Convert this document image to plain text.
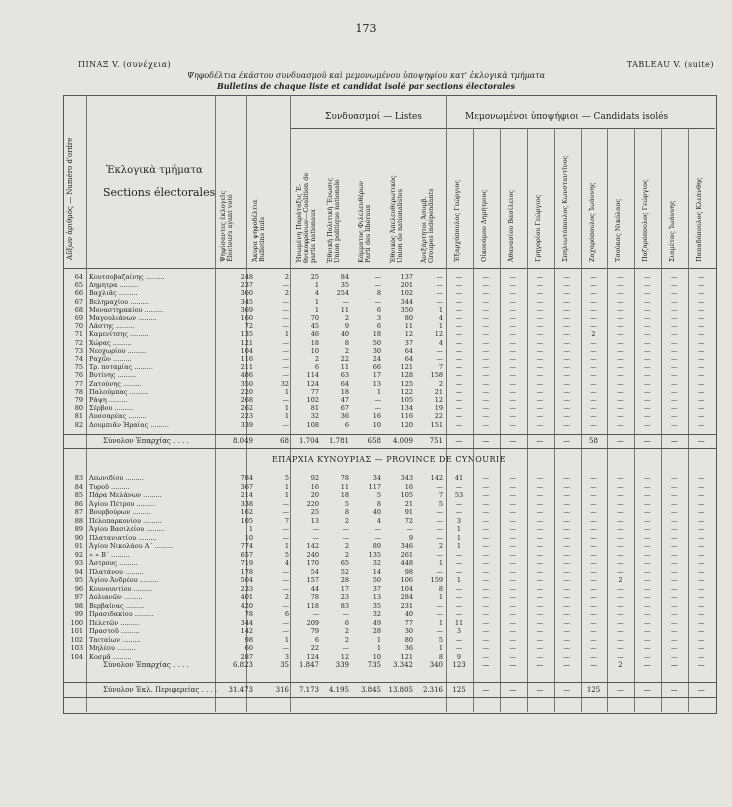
173
ΠΙΝΑΞ V. (συνέχεια)	TABLEAU V. (suite)
Ψηφοδέλτια έκάστου συνδυασμοῦ καὶ μεμονωμένου ὑποψηφίου κατ' ἐκλογικὰ τμήματα
Bulletins de chaque liste et candidat isolé par sections électorales
Αὔξων ἀριθμός — Numéro d'ordre	Ἐκλογικὰ τμήματα
Sections électorales
Ψηφίσαντες ἐκλογεῖς
Électeurs ayant voté
Ἄκυρα ψηφοδέλτια
Bulletins nuls
Συνδυασμοί — Listes	Μεμονωμένοι ὑποψήφιοι — Candidats isolés
Ἡνωμένη Παράταξις Ἐ-
θνικοφρόνων—Coalition de
partis nationaux
Ἐθνικὴ Πολιτικὴ Ἕνωσις
Union politique nationale
Κόμματος Φιλελευθέρων
Parti des libéraux
Ἐθνικὸς Ἀπελευθερωτικὸς
Union de nationalistes
Ἀνεξάρτητοι Ἀσυμβ.
Groupes indépendants	Ἐξαρχόπουλος Γεώργιος	Οἰκονόμου Δημήτριος	Ἀθανασίου Βασίλειος	Γρηγορίου Γεώργιος	Σπηλιωτόπουλος Κωνσταντῖνος	Ζαχαρόπουλος Ἰωάννης	Τσούκας Νικόλαος	Παζαρόπουλος Γεώργιος	Σιαμέτας Ἰωάννης	Παπαδόπουλος Κλεάνθης
64 Κουτσοβαζαίνης .........	248	2	25	84	—	137	—	—	—	—	—	—	—	—	—	—	—
65 Δημητρα .........	237	—	1	35	—	201	—	—	—	—	—	—	—	—	—	—	—
66 Βαχλιᾶς .........	360	2	4	254	8	102	—	—	—	—	—	—	—	—	—	—	—
67 Βελημαχίου .........	345	—	1	—	—	344	—	—	—	—	—	—	—	—	—	—	—
68 Μοναστηρακίου .........	369	—	1	11	6	350	1	—	—	—	—	—	—	—	—	—	—
69 Μαγουλιάνων .........	160	—	70	2	3	80	4	—	—	—	—	—	—	—	—	—	—
70 Λάστης .........	72	—	45	9	6	11	1	—	—	—	—	—	—	—	—	—	—
71 Καμενίτσης .........	135	1	46	40	18	12	12	—	—	—	—	—	2	—	—	—	—
72 Χώρας .........	121	—	18	8	50	37	4	—	—	—	—	—	—	—	—	—	—
73 Νεοχωρίου .........	104	—	10	2	30	64	—	—	—	—	—	—	—	—	—	—	—
74 Ραχῶν .........	116	—	2	22	24	64	—	—	—	—	—	—	—	—	—	—	—
75 Τρ. ποταμίας .........	211	—	6	11	66	121	7	—	—	—	—	—	—	—	—	—	—
76 Βυτίνης .........	486	—	114	63	17	128	158	—	—	—	—	—	—	—	—	—	—
77 Ζατούνης .........	350	32	124	64	13	125	2	—	—	—	—	—	—	—	—	—	—
78 Παλούμπας .........	220	1	77	18	1	122	21	—	—	—	—	—	—	—	—	—	—
79 Ράψη .........	268	—	102	47	—	105	12	—	—	—	—	—	—	—	—	—	—
80 Σέρβου .........	262	1	81	67	—	134	19	—	—	—	—	—	—	—	—	—	—
81 Λυσσαρέας .........	223	1	32	36	16	116	22	—	—	—	—	—	—	—	—	—	—
82 Δουμπιᾶν Ἡραίας .........	339	—	108	6	10	120	151	—	—	—	—	—	—	—	—	—	—
Σύνολον Ἐπαρχίας . . . .	8.049	68	1.704	1.781	658	4.009	751	—	—	—	—	—	58	—	—	—	—
ΕΠΑΡΧΙΑ ΚΥΝΟΥΡΙΑΣ — PROVINCE DE CYNOURIE
83 Λεωνιδίου .........	784	5	92	78	34	343	142	41	—	—	—	—	—	—	—	—	—
84 Τυροῦ .........	367	1	16	11	117	16	—	—	—	—	—	—	—	—	—	—	—
85 Πάρα Μελάνων .........	214	1	20	18	5	105	7	53	—	—	—	—	—	—	—	—	—
86 Ἁγίου Πέτρου .........	338	—	220	5	8	21	5	—	—	—	—	—	—	—	—	—	—
87 Βουρβούρων .........	162	—	25	8	40	91	—	—	—	—	—	—	—	—	—	—	—
88 Πελοπαρκονίου .........	105	7	13	2	4	72	—	3	—	—	—	—	—	—	—	—	—
89 Ἁγίου Βασιλείου .........	1	—	—	—	—	—	—	1	—	—	—	—	—	—	—	—	—
90 Πλατανιατίου .........	10	—	—	—	—	9	—	1	—	—	—	—	—	—	—	—	—
91 Ἁγίου Νικολάου Α΄ .........	774	1	142	2	89	346	2	1	—	—	—	—	—	—	—	—	—
92 » » Β΄ .........	657	5	240	2	135	261	—	—	—	—	—	—	—	—	—	—	—
93 Ἀστρους .........	719	4	170	65	32	448	1	—	—	—	—	—	—	—	—	—	—
94 Πλατάνου .........	178	—	54	52	14	98	—	—	—	—	—	—	—	—	—	—	—
95 Ἁγίου Ἀνδρέου .........	504	—	157	28	50	106	159	1	—	—	—	—	—	2	—	—	—
96 Κουνουντίου .........	233	—	44	17	37	104	8	—	—	—	—	—	—	—	—	—	—
97 Δολιανῶν .........	401	2	78	23	13	284	1	—	—	—	—	—	—	—	—	—	—
98 Βερβαίνας .........	420	—	118	83	35	231	—	—	—	—	—	—	—	—	—	—	—
99 Πρασιδακίου .........	78	6	—	—	32	40	—	—	—	—	—	—	—	—	—	—	—
100 Πελετῶν .........	344	—	209	6	49	77	1	11	—	—	—	—	—	—	—	—	—
101 Πραστοῦ .........	142	—	79	2	28	30	—	3	—	—	—	—	—	—	—	—	—
102 Ταιταίων .........	98	1	6	2	1	80	5	—	—	—	—	—	—	—	—	—	—
103 Μηλέου .........	60	—	22	—	1	36	1	—	—	—	—	—	—	—	—	—	—
104 Κοσμᾶ .........	287	3	124	12	10	121	8	9	—	—	—	—	—	—	—	—	—
Σύνολον Ἐπαρχίας . . . .	6.823	35	1.847	339	735	3.342	340	123	—	—	—	—	—	2	—	—	—
Σύνολον Ἐκλ. Περιφερείας . . . .	31.473	316	7.173	4.195	3.845	13.805	2.316	125	—	—	—	—	125	—	—	—	—
